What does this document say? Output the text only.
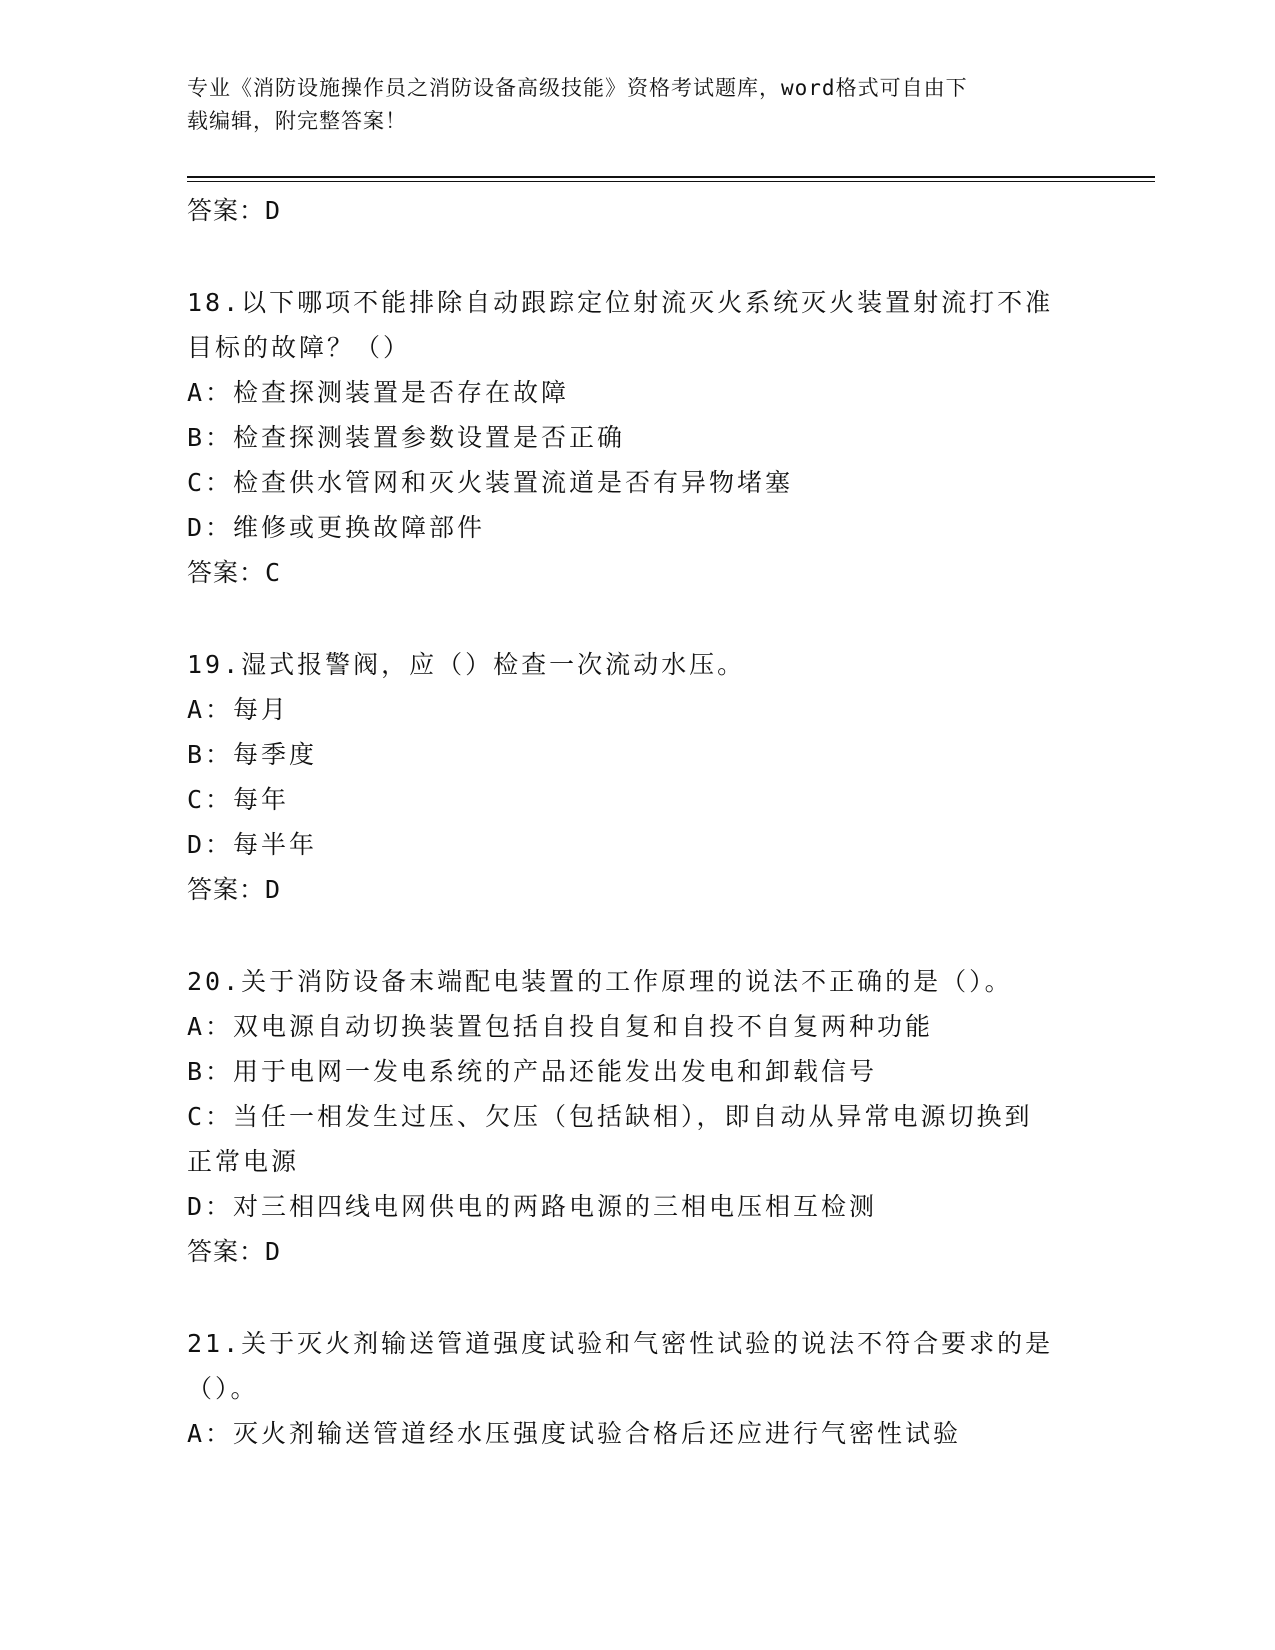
专业《消防设施操作员之消防设备高级技能》资格考试题库，word格式可自由下
载编辑，附完整答案！
答案：D
18.以下哪项不能排除自动跟踪定位射流灭火系统灭火装置射流打不准
目标的故障？（）
A：检查探测装置是否存在故障
B：检查探测装置参数设置是否正确
C：检查供水管网和灭火装置流道是否有异物堵塞
D：维修或更换故障部件
答案：C
19.湿式报警阀，应（）检查一次流动水压。
A：每月
B：每季度
C：每年
D：每半年
答案：D
20.关于消防设备末端配电装置的工作原理的说法不正确的是（）。
A：双电源自动切换装置包括自投自复和自投不自复两种功能
B：用于电网一发电系统的产品还能发出发电和卸载信号
C：当任一相发生过压、欠压（包括缺相），即自动从异常电源切换到
正常电源
D：对三相四线电网供电的两路电源的三相电压相互检测
答案：D
21.关于灭火剂输送管道强度试验和气密性试验的说法不符合要求的是
（）。
A：灭火剂输送管道经水压强度试验合格后还应进行气密性试验
